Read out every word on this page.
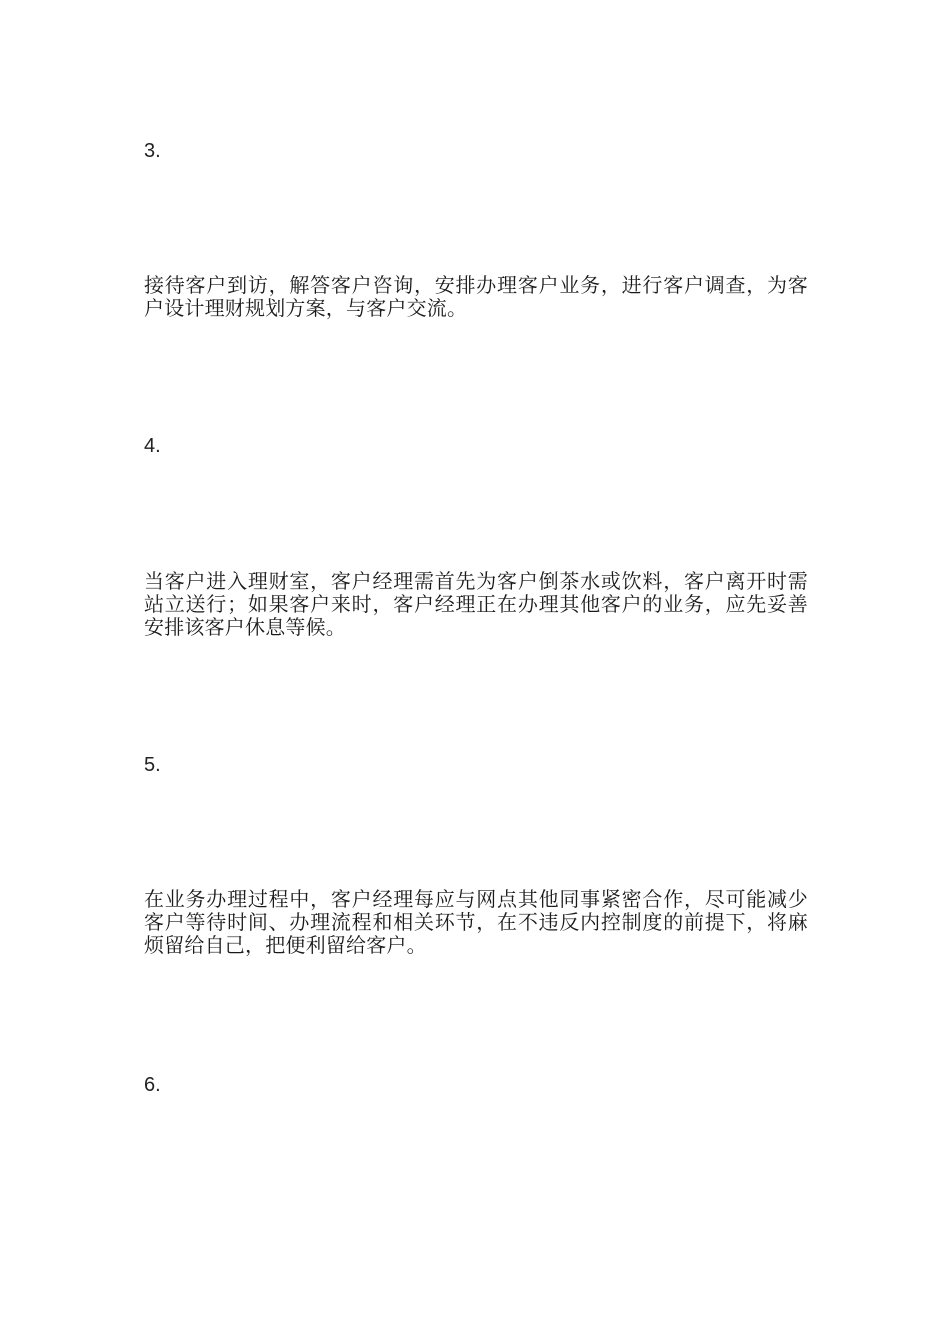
3.
接待客户到访，解答客户咨询，安排办理客户业务，进行客户调查，为客户设计理财规划方案，与客户交流。
4.
当客户进入理财室，客户经理需首先为客户倒茶水或饮料，客户离开时需站立送行；如果客户来时，客户经理正在办理其他客户的业务，应先妥善安排该客户休息等候。
5.
在业务办理过程中，客户经理每应与网点其他同事紧密合作，尽可能减少客户等待时间、办理流程和相关环节，在不违反内控制度的前提下，将麻烦留给自己，把便利留给客户。
6.
